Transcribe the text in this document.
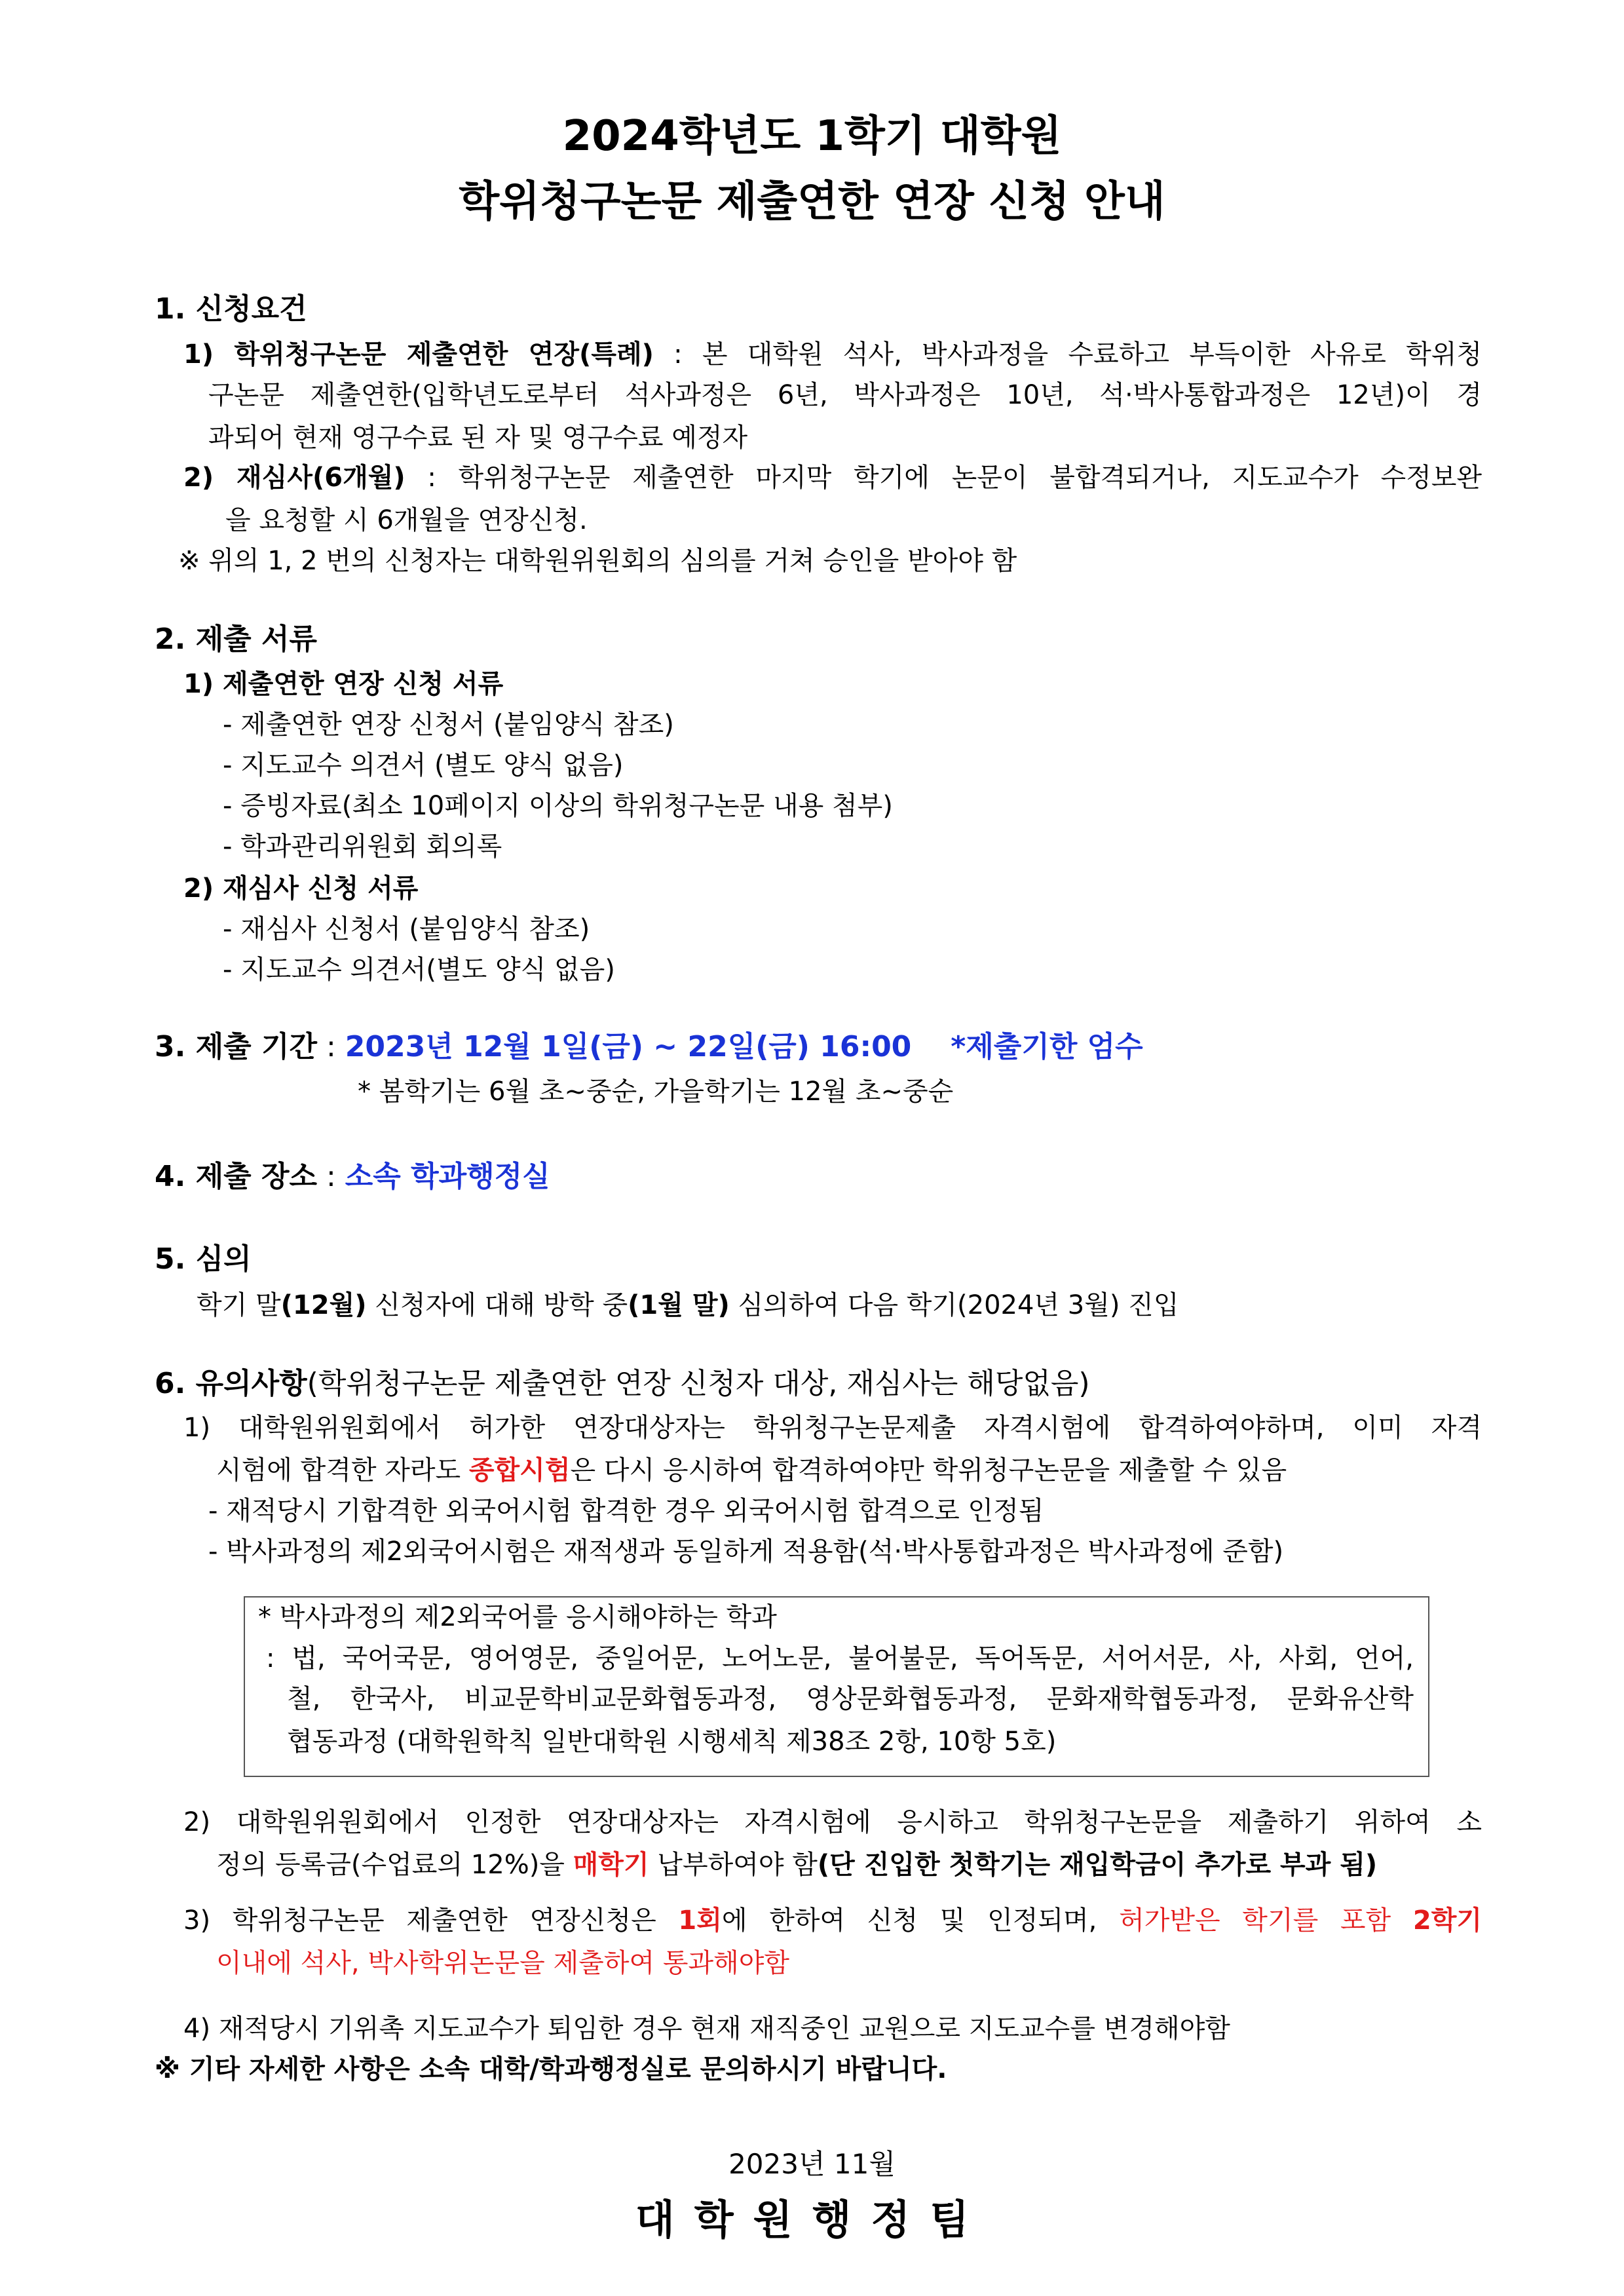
2024학년도 1학기 대학원
학위청구논문 제출연한 연장 신청 안내
1. 신청요건
1) 학위청구논문 제출연한 연장(특례) : 본 대학원 석사, 박사과정을 수료하고 부득이한 사유로 학위청
구논문 제출연한(입학년도로부터 석사과정은 6년, 박사과정은 10년, 석·박사통합과정은 12년)이 경
과되어 현재 영구수료 된 자 및 영구수료 예정자
2) 재심사(6개월) : 학위청구논문 제출연한 마지막 학기에 논문이 불합격되거나, 지도교수가 수정보완
을 요청할 시 6개월을 연장신청.
※ 위의 1, 2 번의 신청자는 대학원위원회의 심의를 거쳐 승인을 받아야 함
2. 제출 서류
1) 제출연한 연장 신청 서류
- 제출연한 연장 신청서 (붙임양식 참조)
- 지도교수 의견서 (별도 양식 없음)
- 증빙자료(최소 10페이지 이상의 학위청구논문 내용 첨부)
- 학과관리위원회 회의록
2) 재심사 신청 서류
- 재심사 신청서 (붙임양식 참조)
- 지도교수 의견서(별도 양식 없음)
3. 제출 기간 : 2023년 12월 1일(금) ~ 22일(금) 16:00 *제출기한 엄수
* 봄학기는 6월 초~중순, 가을학기는 12월 초~중순
4. 제출 장소 : 소속 학과행정실
5. 심의
학기 말(12월) 신청자에 대해 방학 중(1월 말) 심의하여 다음 학기(2024년 3월) 진입
6. 유의사항(학위청구논문 제출연한 연장 신청자 대상, 재심사는 해당없음)
1) 대학원위원회에서 허가한 연장대상자는 학위청구논문제출 자격시험에 합격하여야하며, 이미 자격
시험에 합격한 자라도 종합시험은 다시 응시하여 합격하여야만 학위청구논문을 제출할 수 있음
- 재적당시 기합격한 외국어시험 합격한 경우 외국어시험 합격으로 인정됨
- 박사과정의 제2외국어시험은 재적생과 동일하게 적용함(석·박사통합과정은 박사과정에 준함)
* 박사과정의 제2외국어를 응시해야하는 학과
: 법, 국어국문, 영어영문, 중일어문, 노어노문, 불어불문, 독어독문, 서어서문, 사, 사회, 언어,
철, 한국사, 비교문학비교문화협동과정, 영상문화협동과정, 문화재학협동과정, 문화유산학
협동과정 (대학원학칙 일반대학원 시행세칙 제38조 2항, 10항 5호)
2) 대학원위원회에서 인정한 연장대상자는 자격시험에 응시하고 학위청구논문을 제출하기 위하여 소
정의 등록금(수업료의 12%)을 매학기 납부하여야 함(단 진입한 첫학기는 재입학금이 추가로 부과 됨)
3) 학위청구논문 제출연한 연장신청은 1회에 한하여 신청 및 인정되며, 허가받은 학기를 포함 2학기
이내에 석사, 박사학위논문을 제출하여 통과해야함
4) 재적당시 기위촉 지도교수가 퇴임한 경우 현재 재직중인 교원으로 지도교수를 변경해야함
※ 기타 자세한 사항은 소속 대학/학과행정실로 문의하시기 바랍니다.
2023년 11월
대학원행정팀
